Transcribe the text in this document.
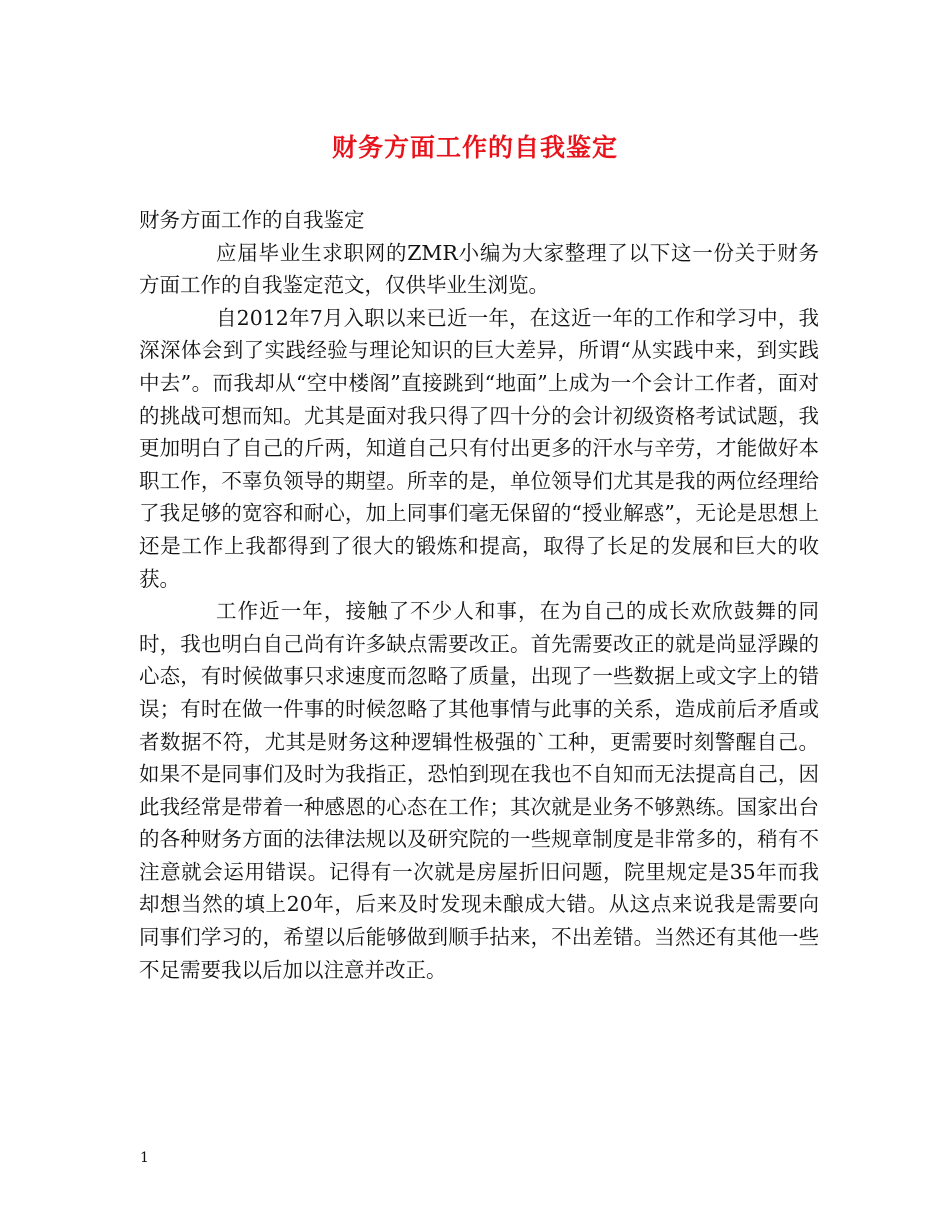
财务方面工作的自我鉴定

财务方面工作的自我鉴定

应届毕业生求职网的ZMR小编为大家整理了以下这一份关于财务方面工作的自我鉴定范文，仅供毕业生浏览。

自2012年7月入职以来已近一年，在这近一年的工作和学习中，我深深体会到了实践经验与理论知识的巨大差异，所谓“从实践中来，到实践中去”。而我却从“空中楼阁”直接跳到“地面”上成为一个会计工作者，面对的挑战可想而知。尤其是面对我只得了四十分的会计初级资格考试试题，我更加明白了自己的斤两，知道自己只有付出更多的汗水与辛劳，才能做好本职工作，不辜负领导的期望。所幸的是，单位领导们尤其是我的两位经理给了我足够的宽容和耐心，加上同事们毫无保留的“授业解惑”，无论是思想上还是工作上我都得到了很大的锻炼和提高，取得了长足的发展和巨大的收获。

工作近一年，接触了不少人和事，在为自己的成长欢欣鼓舞的同时，我也明白自己尚有许多缺点需要改正。首先需要改正的就是尚显浮躁的心态，有时候做事只求速度而忽略了质量，出现了一些数据上或文字上的错误；有时在做一件事的时候忽略了其他事情与此事的关系，造成前后矛盾或者数据不符，尤其是财务这种逻辑性极强的`工种，更需要时刻警醒自己。如果不是同事们及时为我指正，恐怕到现在我也不自知而无法提高自己，因此我经常是带着一种感恩的心态在工作；其次就是业务不够熟练。国家出台的各种财务方面的法律法规以及研究院的一些规章制度是非常多的，稍有不注意就会运用错误。记得有一次就是房屋折旧问题，院里规定是35年而我却想当然的填上20年，后来及时发现未酿成大错。从这点来说我是需要向同事们学习的，希望以后能够做到顺手拈来，不出差错。当然还有其他一些不足需要我以后加以注意并改正。

1
